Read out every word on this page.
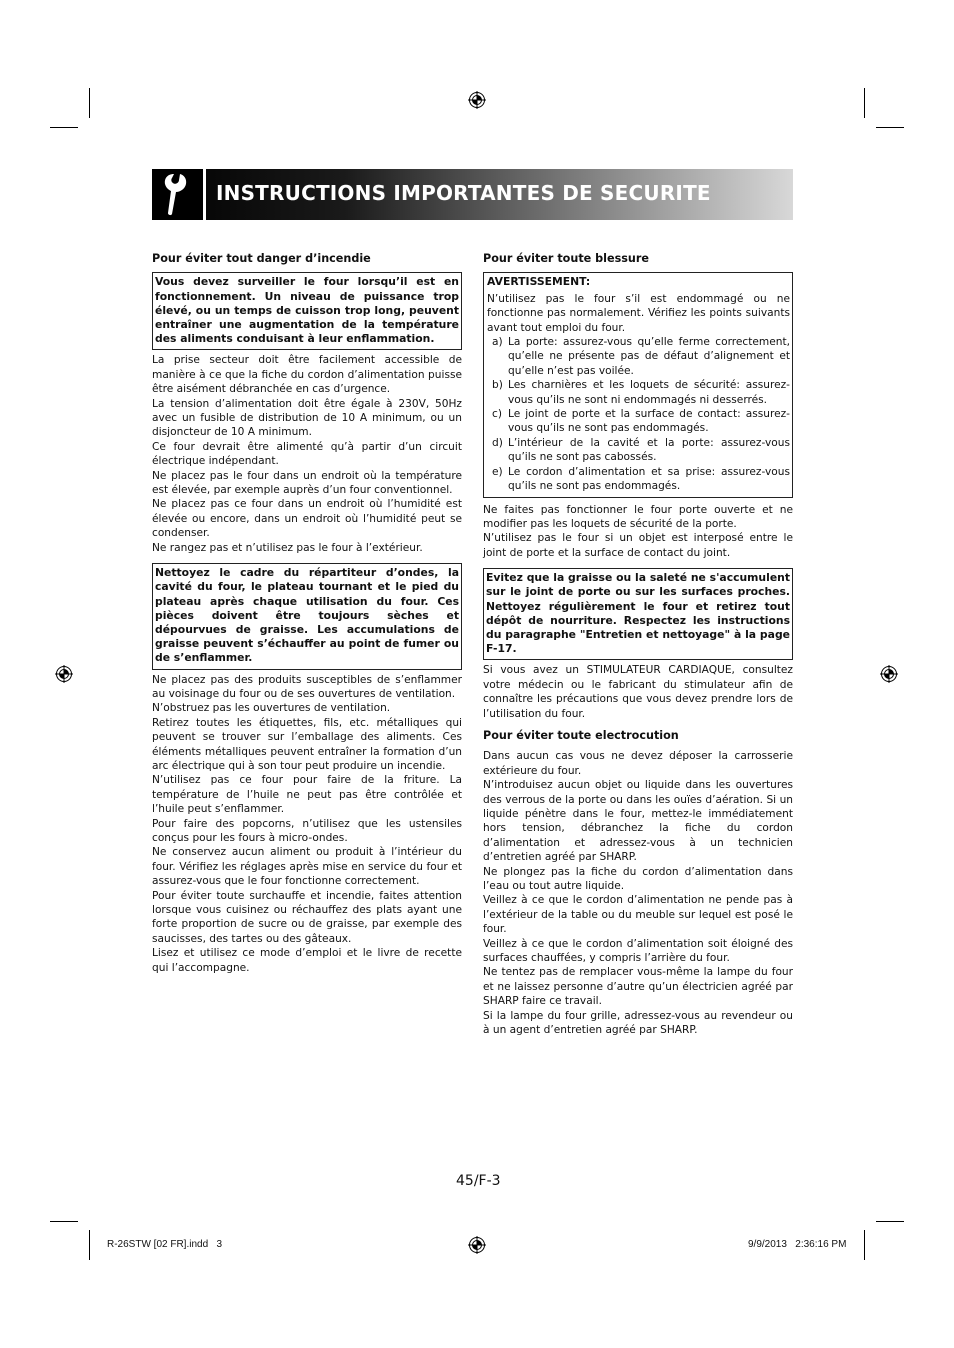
INSTRUCTIONS IMPORTANTES DE SECURITE

Pour éviter tout danger d’incendie

Vous devez surveiller le four lorsqu’il est en fonctionnement. Un niveau de puissance trop élevé, ou un temps de cuisson trop long, peuvent entraîner une augmentation de la température des aliments conduisant à leur enflammation.

La prise secteur doit être facilement accessible de manière à ce que la fiche du cordon d’alimentation puisse être aisément débranchée en cas d’urgence.

La tension d’alimentation doit être égale à 230V, 50Hz avec un fusible de distribution de 10 A minimum, ou un disjoncteur de 10 A minimum.

Ce four devrait être alimenté qu’à partir d’un circuit électrique indépendant.

Ne placez pas le four dans un endroit où la température est élevée, par exemple auprès d’un four conventionnel.

Ne placez pas ce four dans un endroit où l’humidité est élevée ou encore, dans un endroit où l’humidité peut se condenser.

Ne rangez pas et n’utilisez pas le four à l’extérieur.

Nettoyez le cadre du répartiteur d’ondes, la cavité du four, le plateau tournant et le pied du plateau après chaque utilisation du four. Ces pièces doivent être toujours sèches et dépourvues de graisse. Les accumulations de graisse peuvent s’échauffer au point de fumer ou de s’enflammer.

Ne placez pas des produits susceptibles de s’enflammer au voisinage du four ou de ses ouvertures de ventilation.

N’obstruez pas les ouvertures de ventilation.

Retirez toutes les étiquettes, fils, etc. métalliques qui peuvent se trouver sur l’emballage des aliments. Ces éléments métalliques peuvent entraîner la formation d’un arc électrique qui à son tour peut produire un incendie.

N’utilisez pas ce four pour faire de la friture. La température de l’huile ne peut pas être contrôlée et l’huile peut s’enflammer.

Pour faire des popcorns, n’utilisez que les ustensiles conçus pour les fours à micro-ondes.

Ne conservez aucun aliment ou produit à l’intérieur du four. Vérifiez les réglages après mise en service du four et assurez-vous que le four fonctionne correctement.

Pour éviter toute surchauffe et incendie, faites attention lorsque vous cuisinez ou réchauffez des plats ayant une forte proportion de sucre ou de graisse, par exemple des saucisses, des tartes ou des gâteaux.

Lisez et utilisez ce mode d’emploi et le livre de recette qui l’accompagne.

Pour éviter toute blessure

AVERTISSEMENT:

N’utilisez pas le four s’il est endommagé ou ne fonctionne pas normalement. Vérifiez les points suivants avant tout emploi du four.

a) La porte: assurez-vous qu’elle ferme correctement, qu’elle ne présente pas de défaut d’alignement et qu’elle n’est pas voilée.
b) Les charnières et les loquets de sécurité: assurez-vous qu’ils ne sont ni endommagés ni desserrés.
c) Le joint de porte et la surface de contact: assurez-vous qu’ils ne sont pas endommagés.
d) L’intérieur de la cavité et la porte: assurez-vous qu’ils ne sont pas cabossés.
e) Le cordon d’alimentation et sa prise: assurez-vous qu’ils ne sont pas endommagés.

Ne faites pas fonctionner le four porte ouverte et ne modifier pas les loquets de sécurité de la porte.

N’utilisez pas le four si un objet est interposé entre le joint de porte et la surface de contact du joint.

Evitez que la graisse ou la saleté ne s'accumulent sur le joint de porte ou sur les surfaces proches. Nettoyez régulièrement le four et retirez tout dépôt de nourriture. Respectez les instructions du paragraphe "Entretien et nettoyage" à la page F-17.

Si vous avez un STIMULATEUR CARDIAQUE, consultez votre médecin ou le fabricant du stimulateur afin de connaître les précautions que vous devez prendre lors de l’utilisation du four.

Pour éviter toute electrocution

Dans aucun cas vous ne devez déposer la carrosserie extérieure du four.

N’introduisez aucun objet ou liquide dans les ouvertures des verrous de la porte ou dans les ouïes d’aération. Si un liquide pénètre dans le four, mettez-le immédiatement hors tension, débranchez la fiche du cordon d’alimentation et adressez-vous à un technicien d’entretien agréé par SHARP.

Ne plongez pas la fiche du cordon d’alimentation dans l’eau ou tout autre liquide.

Veillez à ce que le cordon d’alimentation ne pende pas à l’extérieur de la table ou du meuble sur lequel est posé le four.

Veillez à ce que le cordon d’alimentation soit éloigné des surfaces chauffées, y compris l’arrière du four.

Ne tentez pas de remplacer vous-même la lampe du four et ne laissez personne d’autre qu’un électricien agréé par SHARP faire ce travail.

Si la lampe du four grille, adressez-vous au revendeur ou à un agent d’entretien agréé par SHARP.

45/F-3
R-26STW [02 FR].indd   3	9/9/2013   2:36:16 PM
